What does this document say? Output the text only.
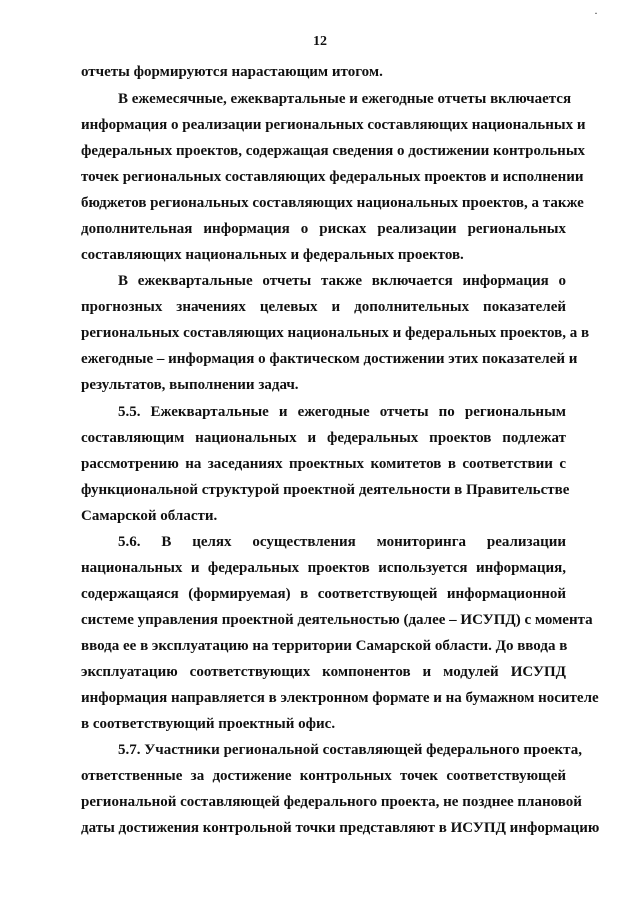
12
·
отчеты формируются нарастающим итогом.
В ежемесячные, ежеквартальные и ежегодные отчеты включается
информация о реализации региональных составляющих национальных и
федеральных проектов, содержащая сведения о достижении контрольных
точек региональных составляющих федеральных проектов и исполнении
бюджетов региональных составляющих национальных проектов, а также
дополнительная информация о рисках реализации региональных
составляющих национальных и федеральных проектов.
В ежеквартальные отчеты также включается информация о
прогнозных значениях целевых и дополнительных показателей
региональных составляющих национальных и федеральных проектов, а в
ежегодные – информация о фактическом достижении этих показателей и
результатов, выполнении задач.
5.5. Ежеквартальные и ежегодные отчеты по региональным
составляющим национальных и федеральных проектов подлежат
рассмотрению на заседаниях проектных комитетов в соответствии с
функциональной структурой проектной деятельности в Правительстве
Самарской области.
5.6. В целях осуществления мониторинга реализации
национальных и федеральных проектов используется информация,
содержащаяся (формируемая) в соответствующей информационной
системе управления проектной деятельностью (далее – ИСУПД) с момента
ввода ее в эксплуатацию на территории Самарской области. До ввода в
эксплуатацию соответствующих компонентов и модулей ИСУПД
информация направляется в электронном формате и на бумажном носителе
в соответствующий проектный офис.
5.7. Участники региональной составляющей федерального проекта,
ответственные за достижение контрольных точек соответствующей
региональной составляющей федерального проекта, не позднее плановой
даты достижения контрольной точки представляют в ИСУПД информацию
